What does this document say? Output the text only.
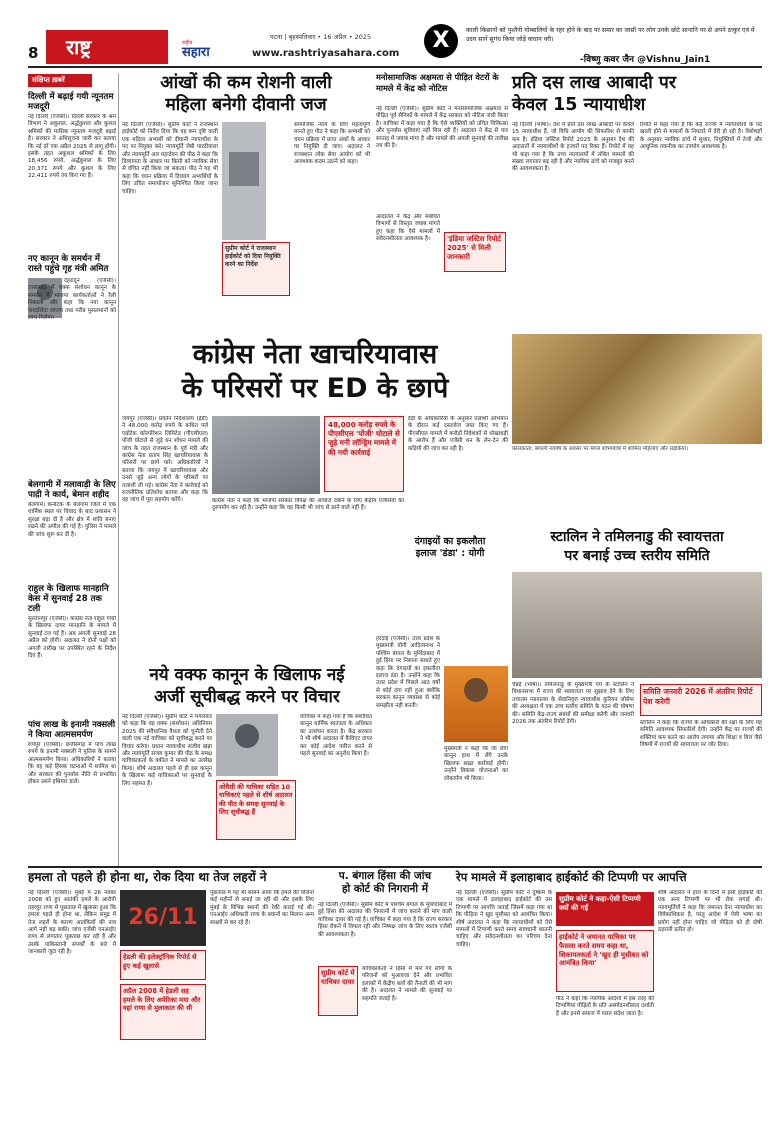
8 राष्ट्र	पटना | बृहस्पतिवार • 16 अप्रैल • 2025
राष्ट्रीय
सहारा	www.rashtriyasahara.com
X	काली किसानों को पुश्तैनी गोम्बालियों के रहर होने के बाद पर समार का जासी पर लोग उनके छोटे सानानि पर से अपने ठाकुर एवं में उदय सानें सुगंध किया जोड़ें वाधान वरी।
-विष्णु कवर जैन @Vishnu_Jain1
संक्षिप्त ख़बरें

दिल्ली में बढ़ाई गयी न्यूनतम मजदूरी

नई दिल्ली (एजेंसी)। दिल्ली सरकार के श्रम विभाग ने अकुशल, अर्द्धकुशल और कुशल श्रमिकों की मासिक न्यूनतम मजदूरी बढ़ाई है। सरकार ने अधिसूचना जारी कर बताया कि नई दरें एक अप्रैल 2025 से लागू होंगी। इसके तहत अकुशल श्रमिकों के लिए 18,456 रुपये, अर्द्धकुशल के लिए 20,371 रुपये और कुशल के लिए 22,411 रुपये तय किए गए हैं।

नए कानून के समर्थन में रास्ते पहुंचे गृह मंत्री अमित

देहरादून (एजेंसी)। उत्तराखंड में वक्फ संशोधन कानून के समर्थन में भाजपा कार्यकर्ताओं ने रैली निकाली और कहा कि नया कानून पारदर्शिता लाएगा तथा गरीब मुसलमानों को लाभ मिलेगा।

बेलगामी में मलावाड़ी के लिए पाद़ी ने कार्य, बेमान शहीद

बेलगाम। कर्नाटक के बेलगाम जिले में एक धार्मिक स्थल पर विवाद के बाद प्रशासन ने सुरक्षा बढ़ा दी है और क्षेत्र में शांति बनाए रखने की अपील की गई है। पुलिस ने मामले की जांच शुरू कर दी है।

राहुल के खिलाफ मानहानि केस में सुनवाई 28 तक टली

सुल्तानपुर (एजेंसी)। कांग्रेस नेता राहुल गांधी के खिलाफ दायर मानहानि के मामले में सुनवाई टल गई है। अब अगली सुनवाई 28 अप्रैल को होगी। अदालत ने दोनों पक्षों को अगली तारीख पर उपस्थित रहने के निर्देश दिए हैं।

पांच लाख के इनामी नक्सली ने किया आत्मसमर्पण

रायपुर (एजेंसी)। छत्तीसगढ़ में पांच लाख रुपये के इनामी नक्सली ने पुलिस के सामने आत्मसमर्पण किया। अधिकारियों ने बताया कि वह कई हिंसक घटनाओं में शामिल था और सरकार की पुनर्वास नीति से प्रभावित होकर उसने हथियार डाले।
आंखों की कम रोशनी वाली
महिला बनेगी दीवानी जज
नई दिल्ली (एजेंसी)। सुप्रीम कोर्ट ने राजस्थान हाईकोर्ट को निर्देश दिया कि वह कम दृष्टि वाली एक महिला अभ्यर्थी को दीवानी न्यायाधीश के पद पर नियुक्त करे। न्यायमूर्ति जेबी पारदीवाला और न्यायमूर्ति आर महादेवन की पीठ ने कहा कि दिव्यांगता के आधार पर किसी को न्यायिक सेवा से वंचित नहीं किया जा सकता। पीठ ने यह भी कहा कि चयन प्रक्रिया में दिव्यांग अभ्यर्थियों के लिए उचित समायोजन सुनिश्चित किया जाना चाहिए।
सुप्रीम कोर्ट ने राजस्थान हाईकोर्ट को दिया नियुक्ति करने का निर्देश
सामाजिक न्याय के लिए महत्वपूर्ण मानते हुए पीठ ने कहा कि अभ्यर्थी को चयन प्रक्रिया में प्राप्त अंकों के आधार पर नियुक्ति दी जाए। अदालत ने राजस्थान लोक सेवा आयोग को भी आवश्यक कदम उठाने को कहा।
मनोसामाजिक अक्षमता से पीड़ित वेटरों के मामले में केंद्र को नोटिस
नई दिल्ली (एजेंसी)। सुप्रीम कोर्ट ने मनोसामाजिक अक्षमता से पीड़ित पूर्व सैनिकों के मामले में केंद्र सरकार को नोटिस जारी किया है। याचिका में कहा गया है कि ऐसे व्यक्तियों को उचित चिकित्सा और पुनर्वास सुविधाएं नहीं मिल रही हैं। अदालत ने केंद्र से चार सप्ताह में जवाब मांगा है और मामले की अगली सुनवाई की तारीख तय की है।
आदालत ने केंद्र और संबंधित विभागों से विस्तृत जवाब मांगते हुए कहा कि ऐसे मामलों में संवेदनशीलता आवश्यक है।	'इंडिया जस्टिस रिपोर्ट 2025' से मिली जानकारी
प्रति दस लाख आबादी पर
केवल 15 न्यायाधीश
नई दिल्ली (भाषा)। देश में प्रति दस लाख आबादी पर केवल 15 न्यायाधीश हैं, जो विधि आयोग की सिफारिश से काफी कम है। इंडिया जस्टिस रिपोर्ट 2025 के अनुसार देश की अदालतों में न्यायाधीशों के हजारों पद रिक्त हैं। रिपोर्ट में यह भी कहा गया है कि उच्च न्यायालयों में लंबित मामलों की संख्या लगातार बढ़ रही है और न्यायिक ढांचे को मजबूत करने की आवश्यकता है।
रिपोर्ट में कहा गया है कि कई राज्यों में न्यायाधीशों के पद खाली होने से मामलों के निपटारे में देरी हो रही है। विशेषज्ञों के अनुसार न्यायिक ढांचे में सुधार, नियुक्तियों में तेजी और आधुनिक तकनीक का उपयोग आवश्यक है।
कोलकाता: बंगाली नववर्ष के अवसर पर मंगल शोभायात्रा में शामिल महिलाएं और लड़कियां।
कांग्रेस नेता खाचरियावास
के परिसरों पर ED के छापे
जयपुर (एजेंसी)। प्रवर्तन निदेशालय (ईडी) ने 48,000 करोड़ रुपये के कथित पर्ल एग्रोटेक कॉरपोरेशन लिमिटेड (पीएसीएल) पोंजी घोटाले से जुड़े धन शोधन मामले की जांच के तहत राजस्थान के पूर्व मंत्री और कांग्रेस नेता प्रताप सिंह खाचरियावास के परिसरों पर छापे मारे। अधिकारियों ने बताया कि जयपुर में खाचरियावास और उनसे जुड़े अन्य लोगों के परिसरों पर तलाशी ली गई। कांग्रेस नेता ने कार्रवाई को राजनीतिक प्रतिशोध बताया और कहा कि वह जांच में पूरा सहयोग करेंगे।
48,000 करोड़ रुपये के पीएसीएल 'पोंजी' घोटाले से जुड़े मनी लॉन्ड्रिंग मामले में की गयी कार्रवाई
कांग्रेस नेता ने कहा कि भाजपा सरकार विपक्ष की आवाज दबाने के लिए केंद्रीय एजेंसियों का दुरुपयोग कर रही है। उन्होंने कहा कि वह किसी भी जांच से डरने वाले नहीं हैं।
ईडी के अधिकारियों के अनुसार तलाशी अभियान के दौरान कई दस्तावेज जब्त किए गए हैं। पीएसीएल मामले में करोड़ों निवेशकों से धोखाधड़ी के आरोप हैं और एजेंसी धन के लेन-देन की कड़ियों की जांच कर रही है।
स्टालिन ने तमिलनाडु की स्वायत्तता
पर बनाई उच्च स्तरीय समिति
चेन्नई (भाषा)। तमिलनाडु के मुख्यमंत्री एम के स्टालिन ने विधानसभा में राज्य की स्वायत्तता पर सुझाव देने के लिए उच्चतम न्यायालय के सेवानिवृत्त न्यायाधीश कुरियन जोसेफ की अध्यक्षता में एक उच्च स्तरीय समिति के गठन की घोषणा की। समिति केंद्र-राज्य संबंधों की समीक्षा करेगी और जनवरी 2026 तक अंतरिम रिपोर्ट देगी।
समिति जनवरी 2026 में अंतरिम रिपोर्ट पेश करेगी
स्टालिन ने कहा कि राज्यों के अधिकारों की रक्षा के लिए यह समिति आवश्यक सिफारिशें देगी। उन्होंने केंद्र पर राज्यों की शक्तियां कम करने का आरोप लगाया और शिक्षा व वित्त जैसे विषयों में राज्यों की स्वायत्तता पर जोर दिया।
दंगाइयों का इकलौता
इलाज 'डंडा' : योगी
हरदोई (एजेंसी)। उत्तर प्रदेश के मुख्यमंत्री योगी आदित्यनाथ ने पश्चिम बंगाल के मुर्शिदाबाद में हुई हिंसा पर निशाना साधते हुए कहा कि दंगाइयों का इकलौता इलाज डंडा है। उन्होंने कहा कि उत्तर प्रदेश में पिछले आठ वर्षों से कोई दंगा नहीं हुआ क्योंकि सरकार कानून व्यवस्था से कोई समझौता नहीं करती।
मुख्यमंत्री ने कहा कि जो लोग कानून हाथ में लेंगे उनके खिलाफ सख्त कार्रवाई होगी। उन्होंने विकास योजनाओं का लोकार्पण भी किया।
नये वक्फ कानून के खिलाफ नई
अर्जी सूचीबद्ध करने पर विचार
नई दिल्ली (एजेंसी)। सुप्रीम कोर्ट ने मंगलवार को कहा कि वह वक्फ (संशोधन) अधिनियम 2025 की संवैधानिक वैधता को चुनौती देने वाली एक नई याचिका को सूचीबद्ध करने पर विचार करेगा। प्रधान न्यायाधीश संजीव खन्ना और न्यायमूर्ति संजय कुमार की पीठ के समक्ष याचिकाकर्ता के वकील ने मामले का उल्लेख किया। शीर्ष अदालत पहले से ही इस कानून के खिलाफ कई याचिकाओं पर सुनवाई के लिए सहमत है।	ओवैसी की याचिका सहित 10 याचिकाएं पहले से शीर्ष अदालत की पीठ के समक्ष सुनवाई के लिए सूचीबद्ध हैं
याचिका में कहा गया है कि संशोधित कानून धार्मिक स्वतंत्रता के अधिकार का उल्लंघन करता है। केंद्र सरकार ने भी शीर्ष अदालत में कैविएट दायर कर कोई आदेश पारित करने से पहले सुनवाई का अनुरोध किया है।
हमला तो पहले ही होना था, रोक दिया था तेज लहरों ने
नई दिल्ली (एजेंसी)। मुंबई में 26 नवंबर 2008 को हुए आतंकी हमले के आरोपी तहव्वुर राणा से पूछताछ में खुलासा हुआ कि हमला पहले ही होना था, लेकिन समुद्र में तेज लहरों के कारण आतंकियों की नाव आगे नहीं बढ़ सकी। जांच एजेंसी एनआईए राणा से लगातार पूछताछ कर रही है और उसके पाकिस्तानी संपर्कों के बारे में जानकारी जुटा रही है।
26/11
हेडली की इलेक्ट्रॉनिक रिपोर्ट से हुए कई खुलासे
अप्रैल 2008 में हेडली सह हमले के लिए अमेरिका मया और वहां राणा से मुलाकात की थी
पूछताछ में यह भी सामने आया कि हमले की योजना कई महीनों से बनाई जा रही थी और इसके लिए मुंबई के विभिन्न स्थानों की रेकी कराई गई थी। एनआईए अधिकारी राणा के बयानों का मिलान अन्य साक्ष्यों से कर रहे हैं।
प. बंगाल हिंसा की जांच
हो कोर्ट की निगरानी में
नई दिल्ली (एजेंसी)। सुप्रीम कोर्ट में पश्चिम बंगाल के मुर्शिदाबाद में हुई हिंसा की अदालत की निगरानी में जांच कराने की मांग वाली याचिका दायर की गई है। याचिका में कहा गया है कि राज्य सरकार हिंसा रोकने में विफल रही और निष्पक्ष जांच के लिए स्वतंत्र एजेंसी की आवश्यकता है।
सुप्रीम कोर्ट में याचिका दायर
याचिकाकर्ता ने हिंसा में मारे गए लोगों के परिजनों को मुआवजा देने और प्रभावित इलाकों में केंद्रीय बलों की तैनाती की भी मांग की है। अदालत ने मामले की सुनवाई पर सहमति जताई है।
रेप मामले में इलाहाबाद हाईकोर्ट की टिप्पणी पर आपत्ति
नई दिल्ली (एजेंसी)। सुप्रीम कोर्ट ने दुष्कर्म के एक मामले में इलाहाबाद हाईकोर्ट की उस टिप्पणी पर आपत्ति जताई जिसमें कहा गया था कि पीड़िता ने खुद मुसीबत को आमंत्रित किया। शीर्ष अदालत ने कहा कि न्यायाधीशों को ऐसे मामलों में टिप्पणी करते समय सावधानी बरतनी चाहिए और संवेदनशीलता का परिचय देना चाहिए।
सुप्रीम कोर्ट ने कहा-ऐसी टिप्पणी क्यों की गई
हाईकोर्ट ने जमानत याचिका पर फैसला करते समय कहा था, शिकायतकर्ता ने 'खुद ही मुसीबत को आमंत्रित किया'
पीठ ने कहा कि न्यायिक आदेशों में इस तरह की टिप्पणियां पीड़ितों के प्रति असंवेदनशीलता दर्शाती हैं और इनसे समाज में गलत संदेश जाता है।
शीर्ष अदालत ने हाल के दिनों में इसी हाईकोर्ट की एक अन्य टिप्पणी पर भी रोक लगाई थी। न्यायमूर्तियों ने कहा कि जमानत देना न्यायाधीश का विवेकाधिकार है, परंतु आदेश में ऐसी भाषा का प्रयोग नहीं होना चाहिए जो पीड़िता को ही दोषी ठहराती प्रतीत हो।
